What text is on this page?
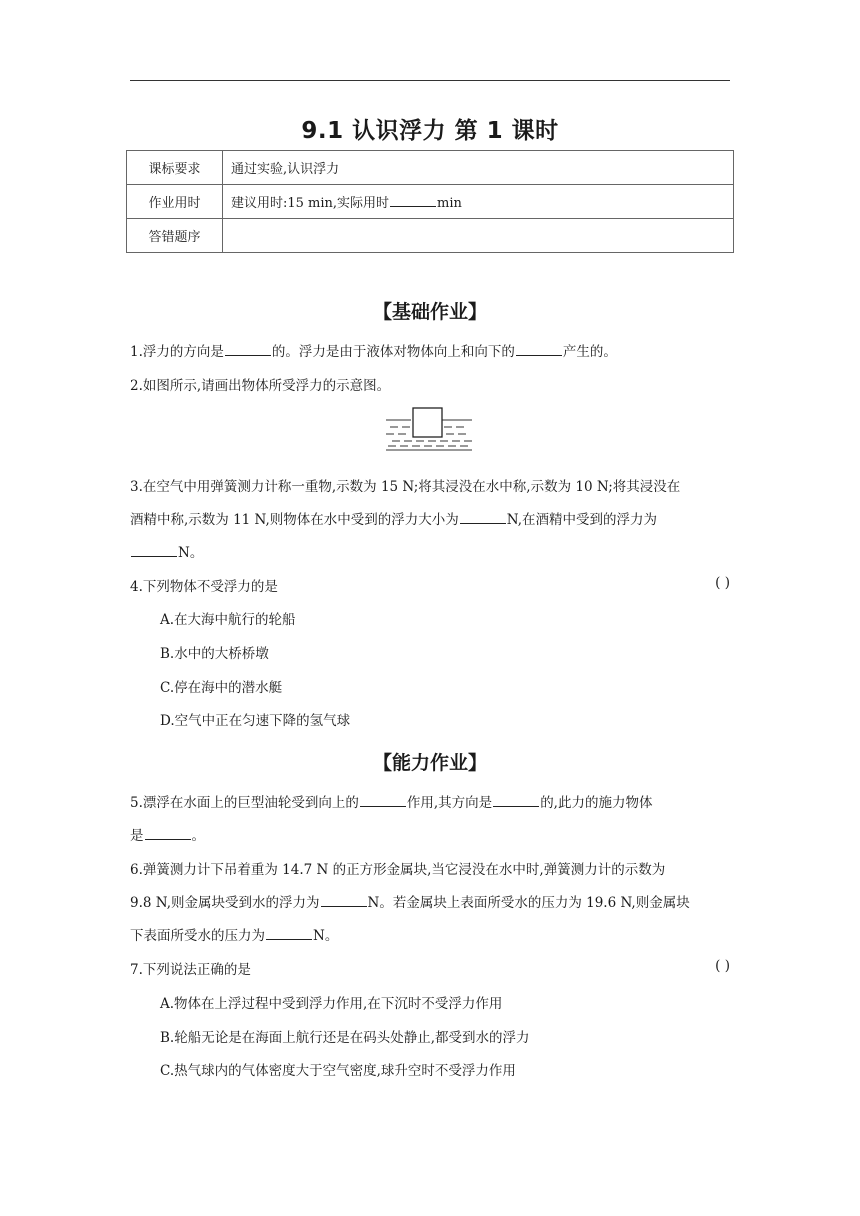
9.1 认识浮力 第 1 课时
课标要求	通过实验,认识浮力
作业用时	建议用时:15 min,实际用时 min
答错题序	
【基础作业】
1.浮力的方向是	的。浮力是由于液体对物体向上和向下的	产生的。
2.如图所示,请画出物体所受浮力的示意图。
3.在空气中用弹簧测力计称一重物,示数为 15 N;将其浸没在水中称,示数为 10 N;将其浸没在
酒精中称,示数为 11 N,则物体在水中受到的浮力大小为	N,在酒精中受到的浮力为
N。
4.下列物体不受浮力的是	( )
A.在大海中航行的轮船
B.水中的大桥桥墩
C.停在海中的潜水艇
D.空气中正在匀速下降的氢气球
【能力作业】
5.漂浮在水面上的巨型油轮受到向上的	作用,其方向是	的,此力的施力物体
是	。
6.弹簧测力计下吊着重为 14.7 N 的正方形金属块,当它浸没在水中时,弹簧测力计的示数为
9.8 N,则金属块受到水的浮力为	N。若金属块上表面所受水的压力为 19.6 N,则金属块
下表面所受水的压力为	N。
7.下列说法正确的是	( )
A.物体在上浮过程中受到浮力作用,在下沉时不受浮力作用
B.轮船无论是在海面上航行还是在码头处静止,都受到水的浮力
C.热气球内的气体密度大于空气密度,球升空时不受浮力作用
